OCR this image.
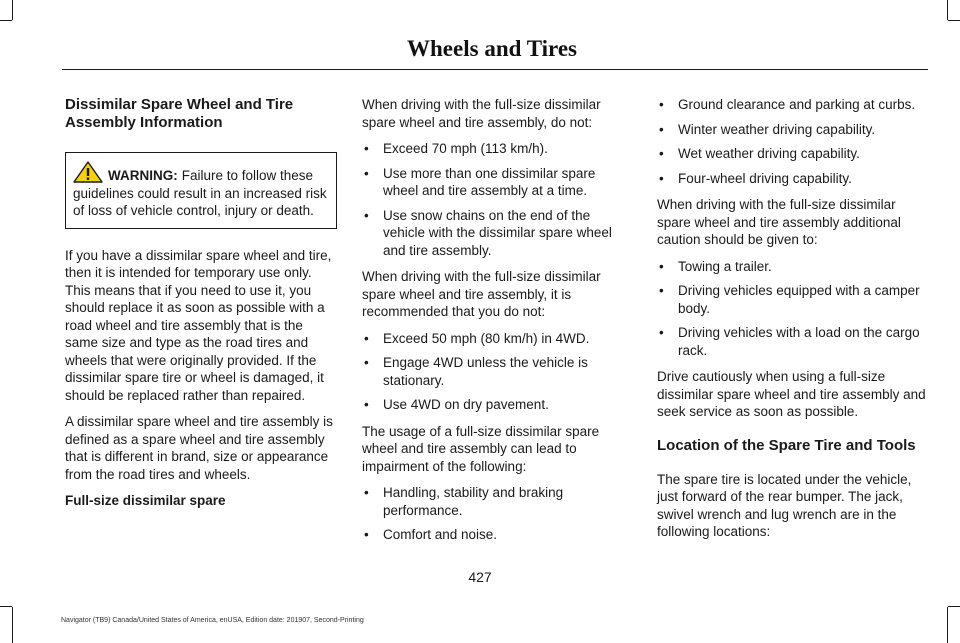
Wheels and Tires
Dissimilar Spare Wheel and Tire Assembly Information
WARNING: Failure to follow these guidelines could result in an increased risk of loss of vehicle control, injury or death.

If you have a dissimilar spare wheel and tire, then it is intended for temporary use only. This means that if you need to use it, you should replace it as soon as possible with a road wheel and tire assembly that is the same size and type as the road tires and wheels that were originally provided. If the dissimilar spare tire or wheel is damaged, it should be replaced rather than repaired.

A dissimilar spare wheel and tire assembly is defined as a spare wheel and tire assembly that is different in brand, size or appearance from the road tires and wheels.

Full-size dissimilar spare

When driving with the full-size dissimilar spare wheel and tire assembly, do not:

• Exceed 70 mph (113 km/h).
• Use more than one dissimilar spare wheel and tire assembly at a time.
• Use snow chains on the end of the vehicle with the dissimilar spare wheel and tire assembly.

When driving with the full-size dissimilar spare wheel and tire assembly, it is recommended that you do not:

• Exceed 50 mph (80 km/h) in 4WD.
• Engage 4WD unless the vehicle is stationary.
• Use 4WD on dry pavement.

The usage of a full-size dissimilar spare wheel and tire assembly can lead to impairment of the following:

• Handling, stability and braking performance.
• Comfort and noise.
• Ground clearance and parking at curbs.
• Winter weather driving capability.
• Wet weather driving capability.
• Four-wheel driving capability.

When driving with the full-size dissimilar spare wheel and tire assembly additional caution should be given to:

• Towing a trailer.
• Driving vehicles equipped with a camper body.
• Driving vehicles with a load on the cargo rack.

Drive cautiously when using a full-size dissimilar spare wheel and tire assembly and seek service as soon as possible.

Location of the Spare Tire and Tools

The spare tire is located under the vehicle, just forward of the rear bumper. The jack, swivel wrench and lug wrench are in the following locations:

427
Navigator (TB9) Canada/United States of America, enUSA, Edition date: 201907, Second-Printing
